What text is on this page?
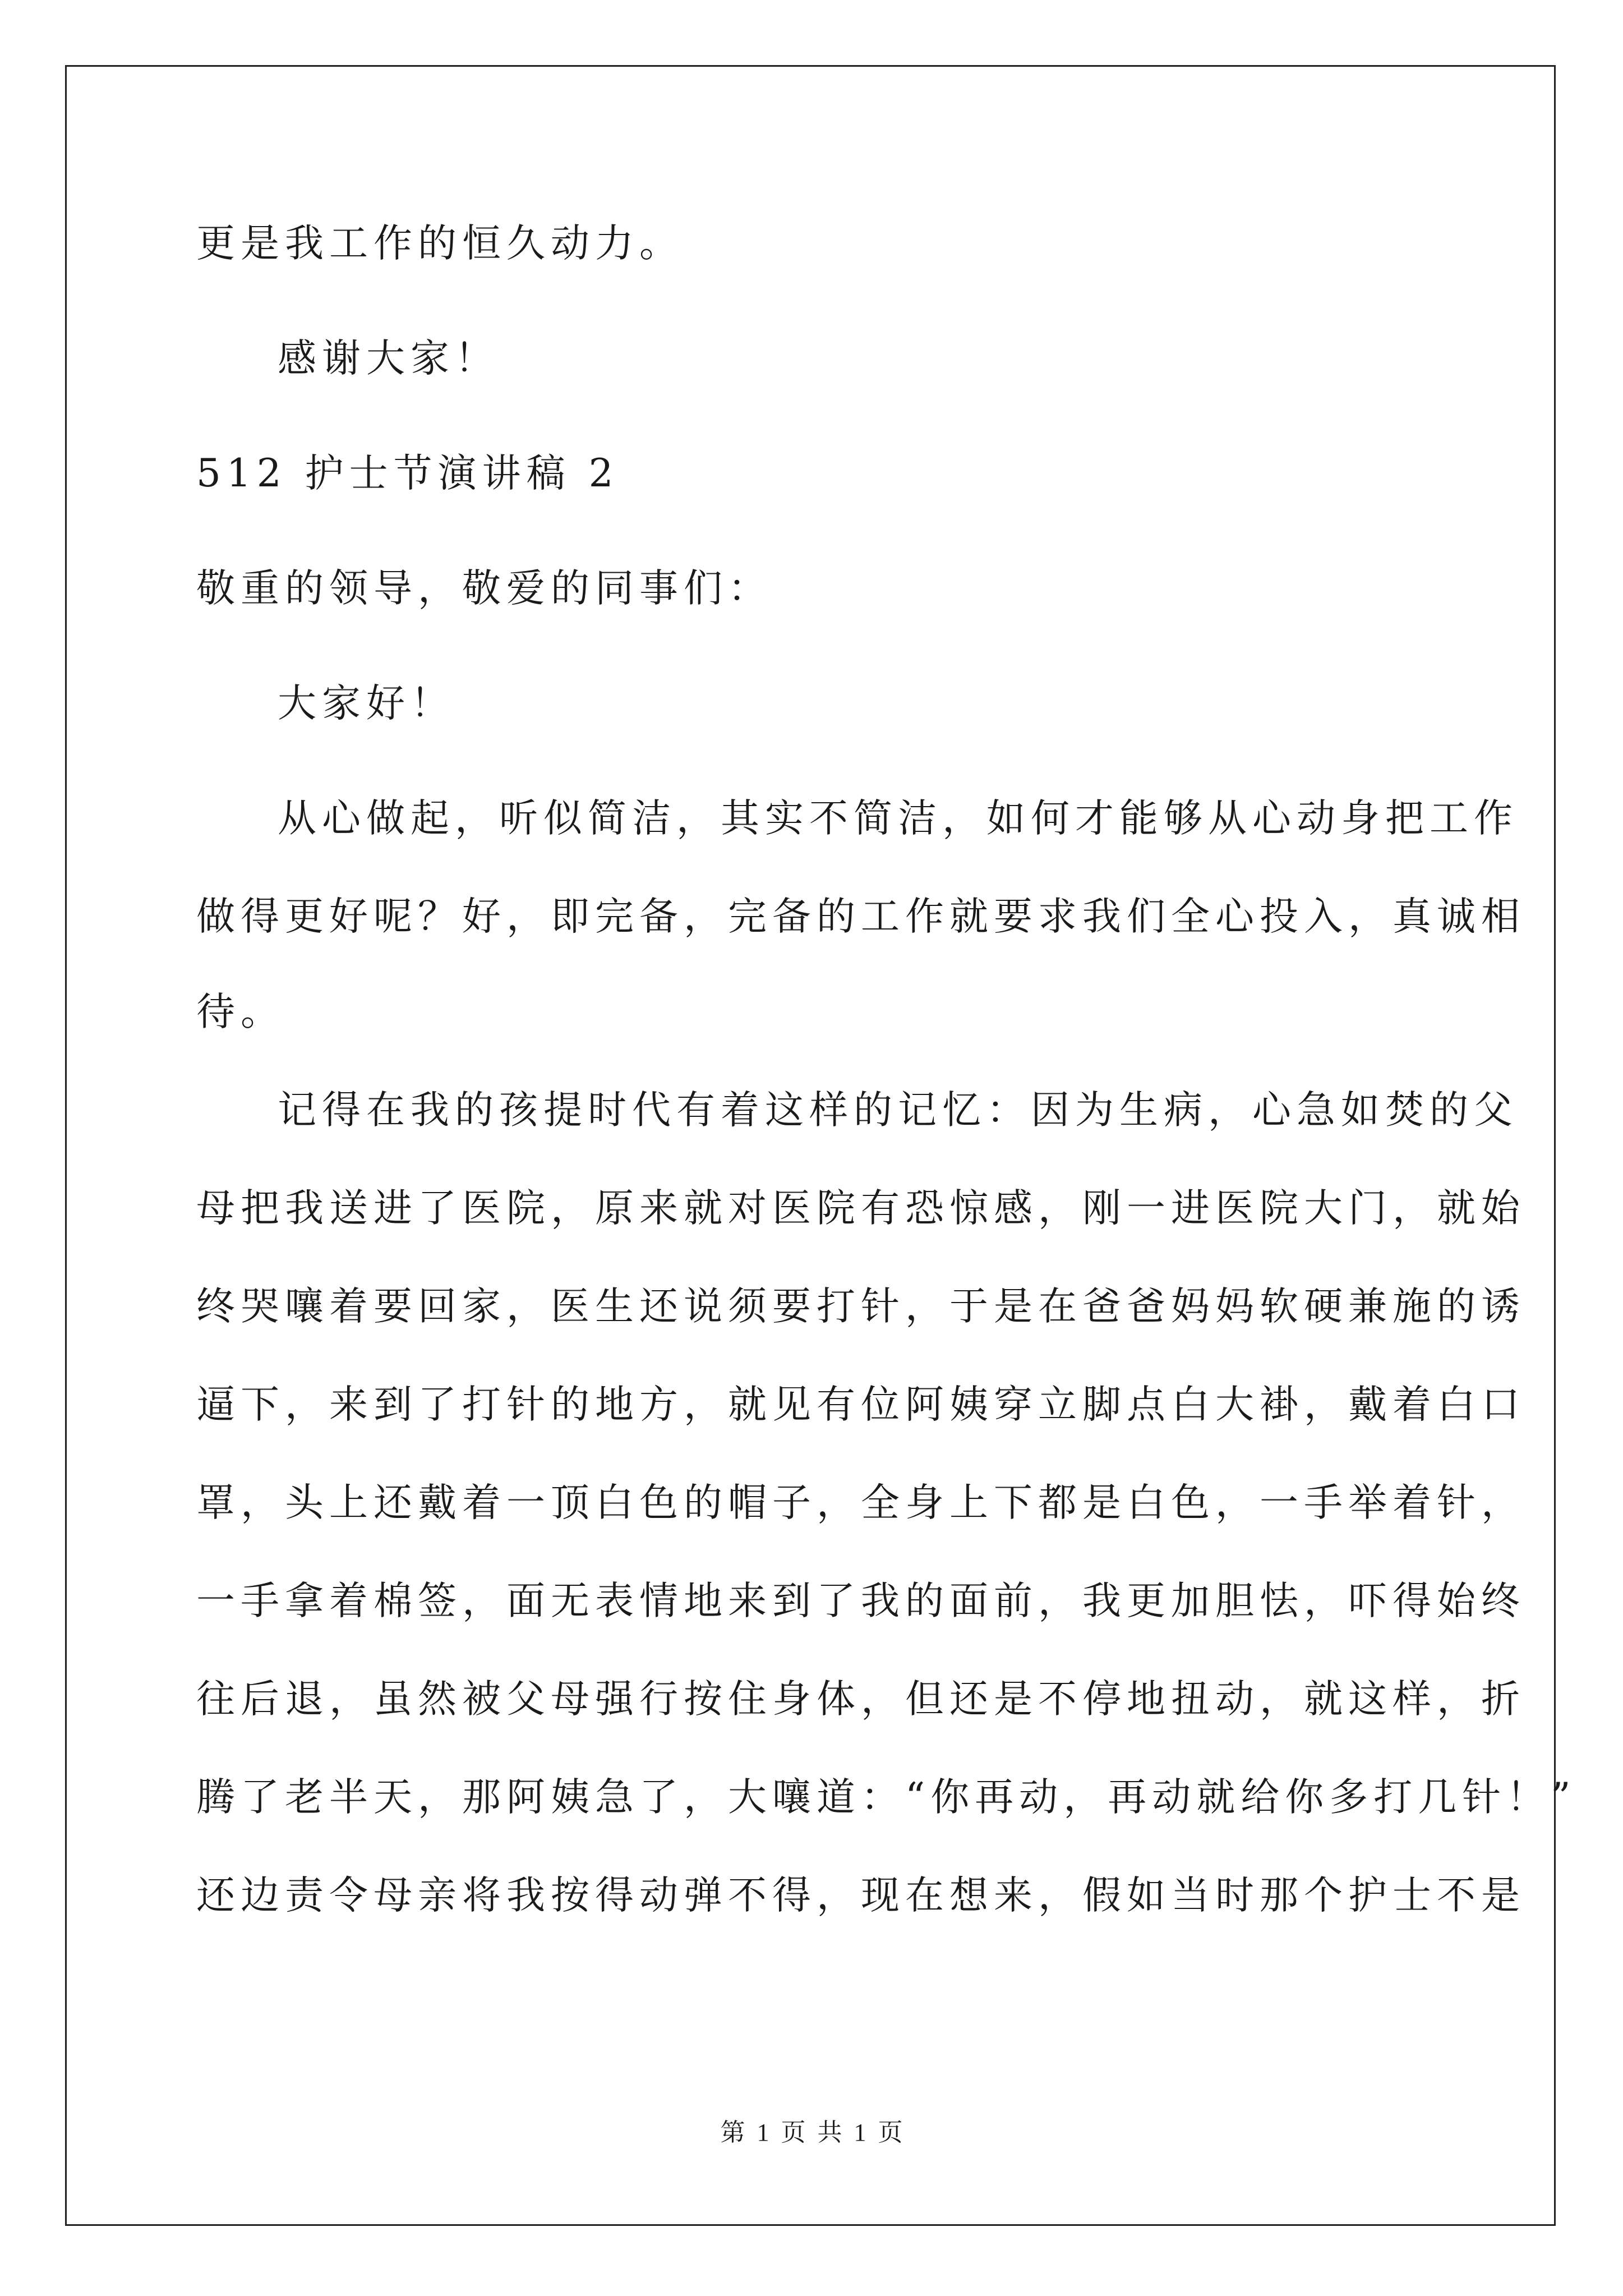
更是我工作的恒久动力。
感谢大家！
512 护士节演讲稿 2
敬重的领导，敬爱的同事们：
大家好！
从心做起，听似简洁，其实不简洁，如何才能够从心动身把工作
做得更好呢？好，即完备，完备的工作就要求我们全心投入，真诚相
待。
记得在我的孩提时代有着这样的记忆：因为生病，心急如焚的父
母把我送进了医院，原来就对医院有恐惊感，刚一进医院大门，就始
终哭嚷着要回家，医生还说须要打针，于是在爸爸妈妈软硬兼施的诱
逼下，来到了打针的地方，就见有位阿姨穿立脚点白大褂，戴着白口
罩，头上还戴着一顶白色的帽子，全身上下都是白色，一手举着针，
一手拿着棉签，面无表情地来到了我的面前，我更加胆怯，吓得始终
往后退，虽然被父母强行按住身体，但还是不停地扭动，就这样，折
腾了老半天，那阿姨急了，大嚷道：“你再动，再动就给你多打几针！”
还边责令母亲将我按得动弹不得，现在想来，假如当时那个护士不是
第 1 页 共 1 页
